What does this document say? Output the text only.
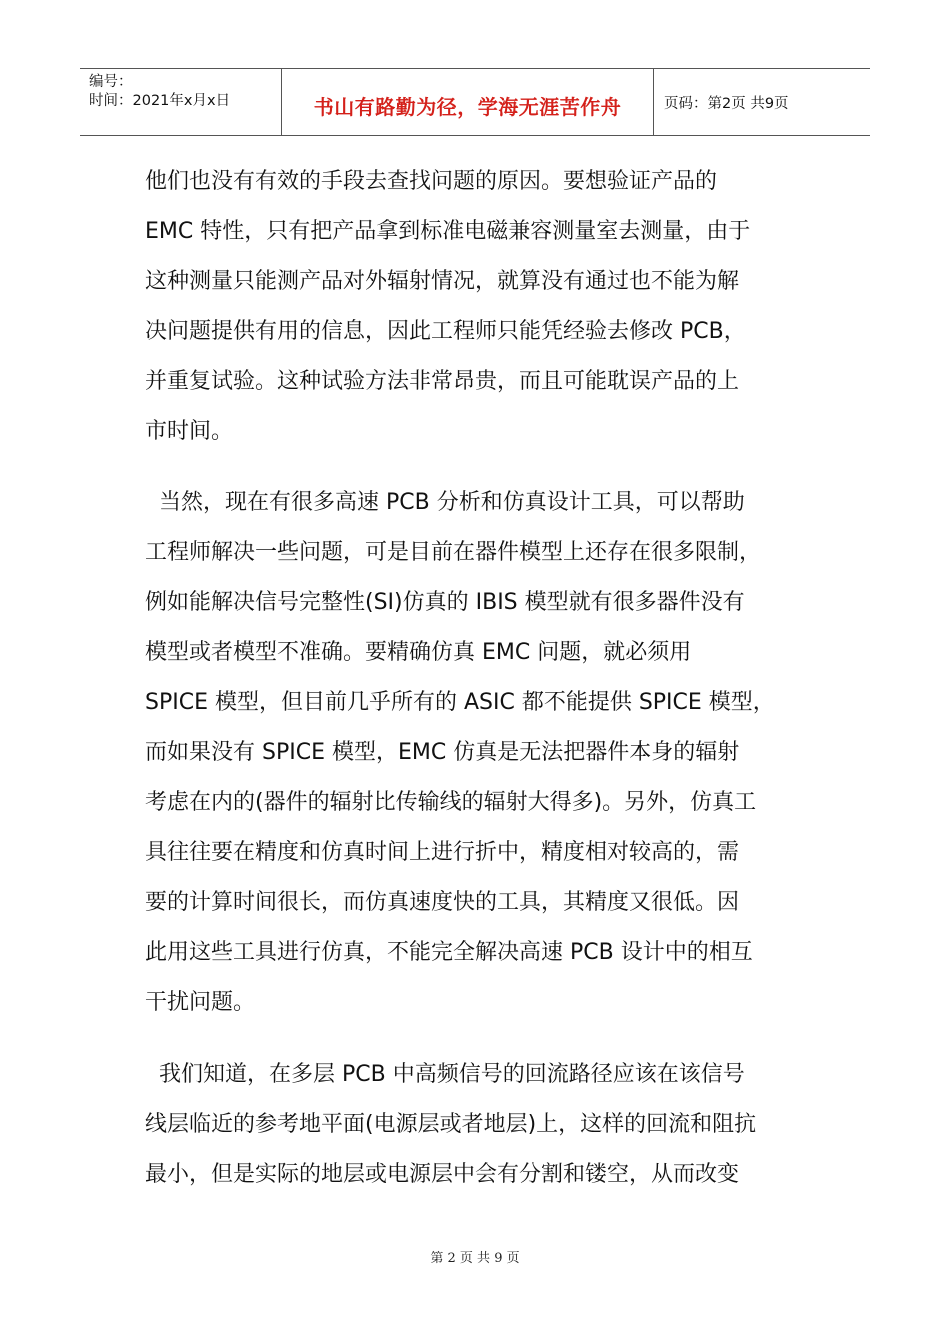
编号：
时间：2021年x月x日	书山有路勤为径，学海无涯苦作舟	页码：第2页 共9页
他们也没有有效的手段去查找问题的原因。要想验证产品的
EMC 特性，只有把产品拿到标准电磁兼容测量室去测量，由于
这种测量只能测产品对外辐射情况，就算没有通过也不能为解
决问题提供有用的信息，因此工程师只能凭经验去修改 PCB，
并重复试验。这种试验方法非常昂贵，而且可能耽误产品的上
市时间。
当然，现在有很多高速 PCB 分析和仿真设计工具，可以帮助
工程师解决一些问题，可是目前在器件模型上还存在很多限制，
例如能解决信号完整性(SI)仿真的 IBIS 模型就有很多器件没有
模型或者模型不准确。要精确仿真 EMC 问题，就必须用
SPICE 模型，但目前几乎所有的 ASIC 都不能提供 SPICE 模型，
而如果没有 SPICE 模型，EMC 仿真是无法把器件本身的辐射
考虑在内的(器件的辐射比传输线的辐射大得多)。另外，仿真工
具往往要在精度和仿真时间上进行折中，精度相对较高的，需
要的计算时间很长，而仿真速度快的工具，其精度又很低。因
此用这些工具进行仿真，不能完全解决高速 PCB 设计中的相互
干扰问题。
我们知道，在多层 PCB 中高频信号的回流路径应该在该信号
线层临近的参考地平面(电源层或者地层)上，这样的回流和阻抗
最小，但是实际的地层或电源层中会有分割和镂空，从而改变
第 2 页 共 9 页
